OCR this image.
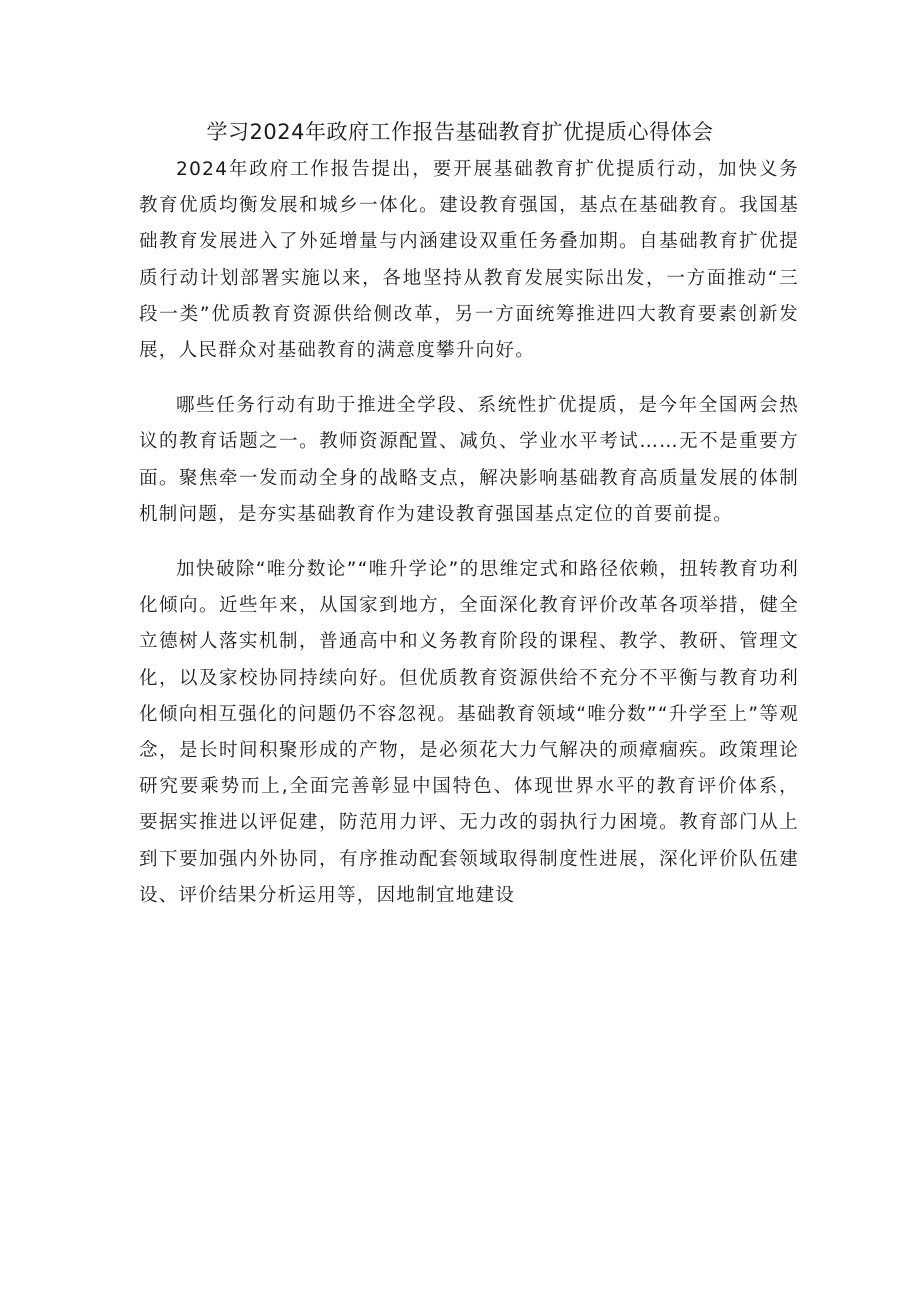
学习2024年政府工作报告基础教育扩优提质心得体会

2024年政府工作报告提出，要开展基础教育扩优提质行动，加快义务教育优质均衡发展和城乡一体化。建设教育强国，基点在基础教育。我国基础教育发展进入了外延增量与内涵建设双重任务叠加期。自基础教育扩优提质行动计划部署实施以来，各地坚持从教育发展实际出发，一方面推动“三段一类”优质教育资源供给侧改革，另一方面统筹推进四大教育要素创新发展，人民群众对基础教育的满意度攀升向好。

哪些任务行动有助于推进全学段、系统性扩优提质，是今年全国两会热议的教育话题之一。教师资源配置、减负、学业水平考试……无不是重要方面。聚焦牵一发而动全身的战略支点，解决影响基础教育高质量发展的体制机制问题，是夯实基础教育作为建设教育强国基点定位的首要前提。

加快破除“唯分数论”“唯升学论”的思维定式和路径依赖，扭转教育功利化倾向。近些年来，从国家到地方，全面深化教育评价改革各项举措，健全立德树人落实机制，普通高中和义务教育阶段的课程、教学、教研、管理文化，以及家校协同持续向好。但优质教育资源供给不充分不平衡与教育功利化倾向相互强化的问题仍不容忽视。基础教育领域“唯分数”“升学至上”等观念，是长时间积聚形成的产物，是必须花大力气解决的顽瘴痼疾。政策理论研究要乘势而上,全面完善彰显中国特色、体现世界水平的教育评价体系，要据实推进以评促建，防范用力评、无力改的弱执行力困境。教育部门从上到下要加强内外协同，有序推动配套领域取得制度性进展，深化评价队伍建设、评价结果分析运用等，因地制宜地建设
